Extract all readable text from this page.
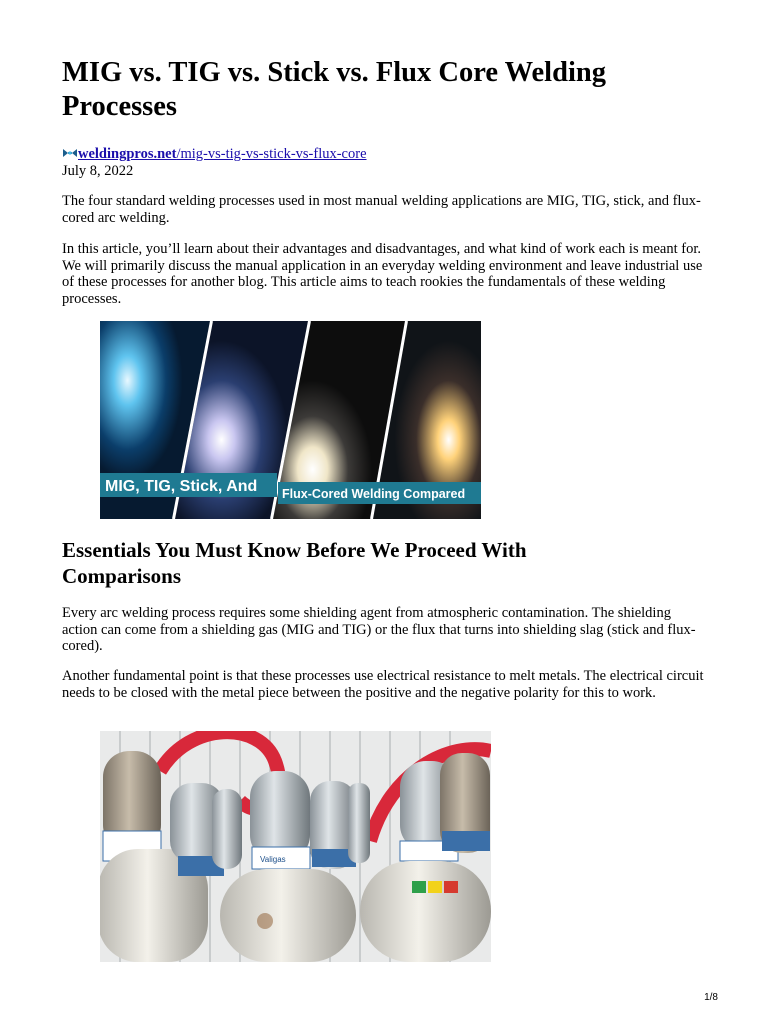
MIG vs. TIG vs. Stick vs. Flux Core Welding Processes
weldingpros.net/mig-vs-tig-vs-stick-vs-flux-core
July 8, 2022

The four standard welding processes used in most manual welding applications are MIG, TIG, stick, and flux-cored arc welding.

In this article, you’ll learn about their advantages and disadvantages, and what kind of work each is meant for. We will primarily discuss the manual application in an everyday welding environment and leave industrial use of these processes for another blog. This article aims to teach rookies the fundamentals of these welding processes.

MIG, TIG, Stick, And Flux-Cored Welding Compared
Essentials You Must Know Before We Proceed With Comparisons

Every arc welding process requires some shielding agent from atmospheric contamination. The shielding action can come from a shielding gas (MIG and TIG) or the flux that turns into shielding slag (stick and flux-cored).

Another fundamental point is that these processes use electrical resistance to melt metals. The electrical circuit needs to be closed with the metal piece between the positive and the negative polarity for this to work.

Valigas
1/8
